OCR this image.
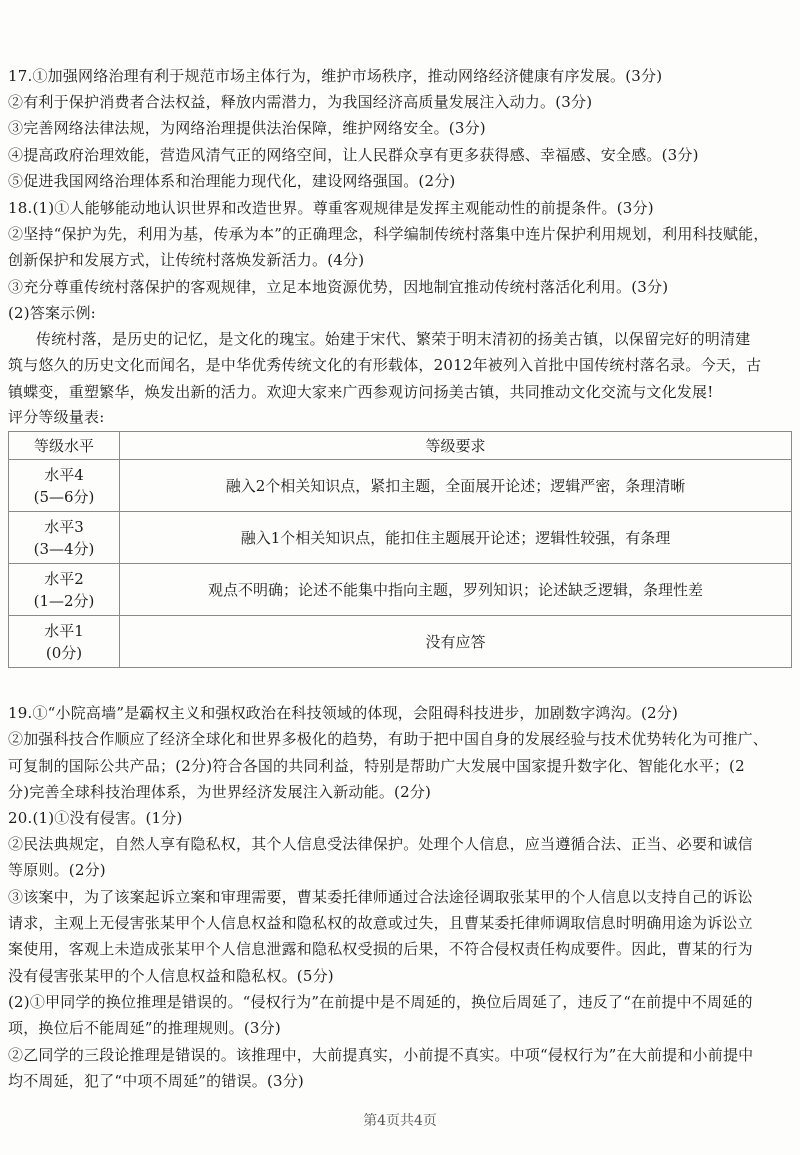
17.①加强网络治理有利于规范市场主体行为，维护市场秩序，推动网络经济健康有序发展。(3分)
②有利于保护消费者合法权益，释放内需潜力，为我国经济高质量发展注入动力。(3分)
③完善网络法律法规，为网络治理提供法治保障，维护网络安全。(3分)
④提高政府治理效能，营造风清气正的网络空间，让人民群众享有更多获得感、幸福感、安全感。(3分)
⑤促进我国网络治理体系和治理能力现代化，建设网络强国。(2分)
18.(1)①人能够能动地认识世界和改造世界。尊重客观规律是发挥主观能动性的前提条件。(3分)
②坚持“保护为先，利用为基，传承为本”的正确理念，科学编制传统村落集中连片保护利用规划，利用科技赋能，
创新保护和发展方式，让传统村落焕发新活力。(4分)
③充分尊重传统村落保护的客观规律，立足本地资源优势，因地制宜推动传统村落活化利用。(3分)
(2)答案示例:
传统村落，是历史的记忆，是文化的瑰宝。始建于宋代、繁荣于明末清初的扬美古镇，以保留完好的明清建
筑与悠久的历史文化而闻名，是中华优秀传统文化的有形载体，2012年被列入首批中国传统村落名录。今天，古
镇蝶变，重塑繁华，焕发出新的活力。欢迎大家来广西参观访问扬美古镇，共同推动文化交流与文化发展!
评分等级量表:
等级水平	等级要求

水平4
(5—6分)	融入2个相关知识点，紧扣主题，全面展开论述；逻辑严密，条理清晰

水平3
(3—4分)	融入1个相关知识点，能扣住主题展开论述；逻辑性较强，有条理

水平2
(1—2分)	观点不明确；论述不能集中指向主题，罗列知识；论述缺乏逻辑，条理性差

水平1
(0分)	没有应答
19.①“小院高墙”是霸权主义和强权政治在科技领域的体现，会阻碍科技进步，加剧数字鸿沟。(2分)
②加强科技合作顺应了经济全球化和世界多极化的趋势，有助于把中国自身的发展经验与技术优势转化为可推广、
可复制的国际公共产品；(2分)符合各国的共同利益，特别是帮助广大发展中国家提升数字化、智能化水平；(2
分)完善全球科技治理体系，为世界经济发展注入新动能。(2分)
20.(1)①没有侵害。(1分)
②民法典规定，自然人享有隐私权，其个人信息受法律保护。处理个人信息，应当遵循合法、正当、必要和诚信
等原则。(2分)
③该案中，为了该案起诉立案和审理需要，曹某委托律师通过合法途径调取张某甲的个人信息以支持自己的诉讼
请求，主观上无侵害张某甲个人信息权益和隐私权的故意或过失，且曹某委托律师调取信息时明确用途为诉讼立
案使用，客观上未造成张某甲个人信息泄露和隐私权受损的后果，不符合侵权责任构成要件。因此，曹某的行为
没有侵害张某甲的个人信息权益和隐私权。(5分)
(2)①甲同学的换位推理是错误的。“侵权行为”在前提中是不周延的，换位后周延了，违反了“在前提中不周延的
项，换位后不能周延”的推理规则。(3分)
②乙同学的三段论推理是错误的。该推理中，大前提真实，小前提不真实。中项“侵权行为”在大前提和小前提中
均不周延，犯了“中项不周延”的错误。(3分)
第4页共4页
